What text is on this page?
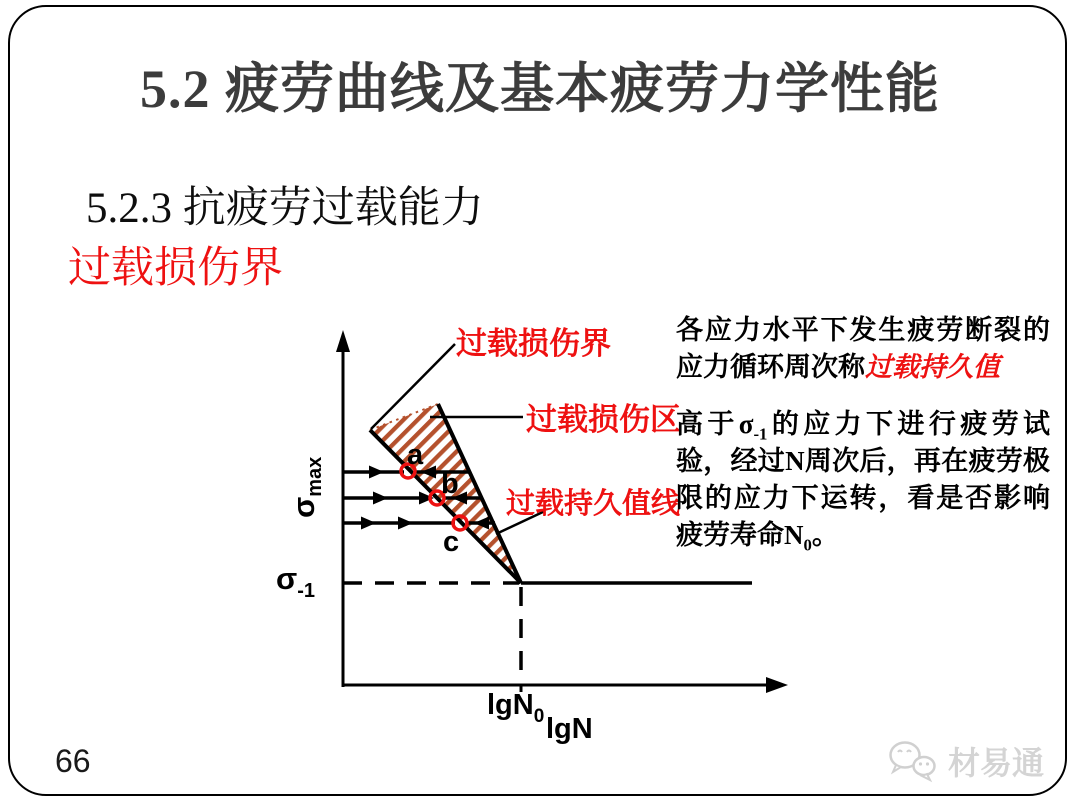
5.2 疲劳曲线及基本疲劳力学性能
5.2.3 抗疲劳过载能力
过载损伤界
过载损伤界
过载损伤区
过载持久值线
a
b
c
$\sigma_{max}$
$\sigma_{-1}$
lgN$_0$ lgN

各应力水平下发生疲劳断裂的应力循环周次称过载持久值

高于$\sigma_{-1}$的应力下进行疲劳试验，经过N周次后，再在疲劳极限的应力下运转，看是否影响疲劳寿命$N_0$。

66	材易通
